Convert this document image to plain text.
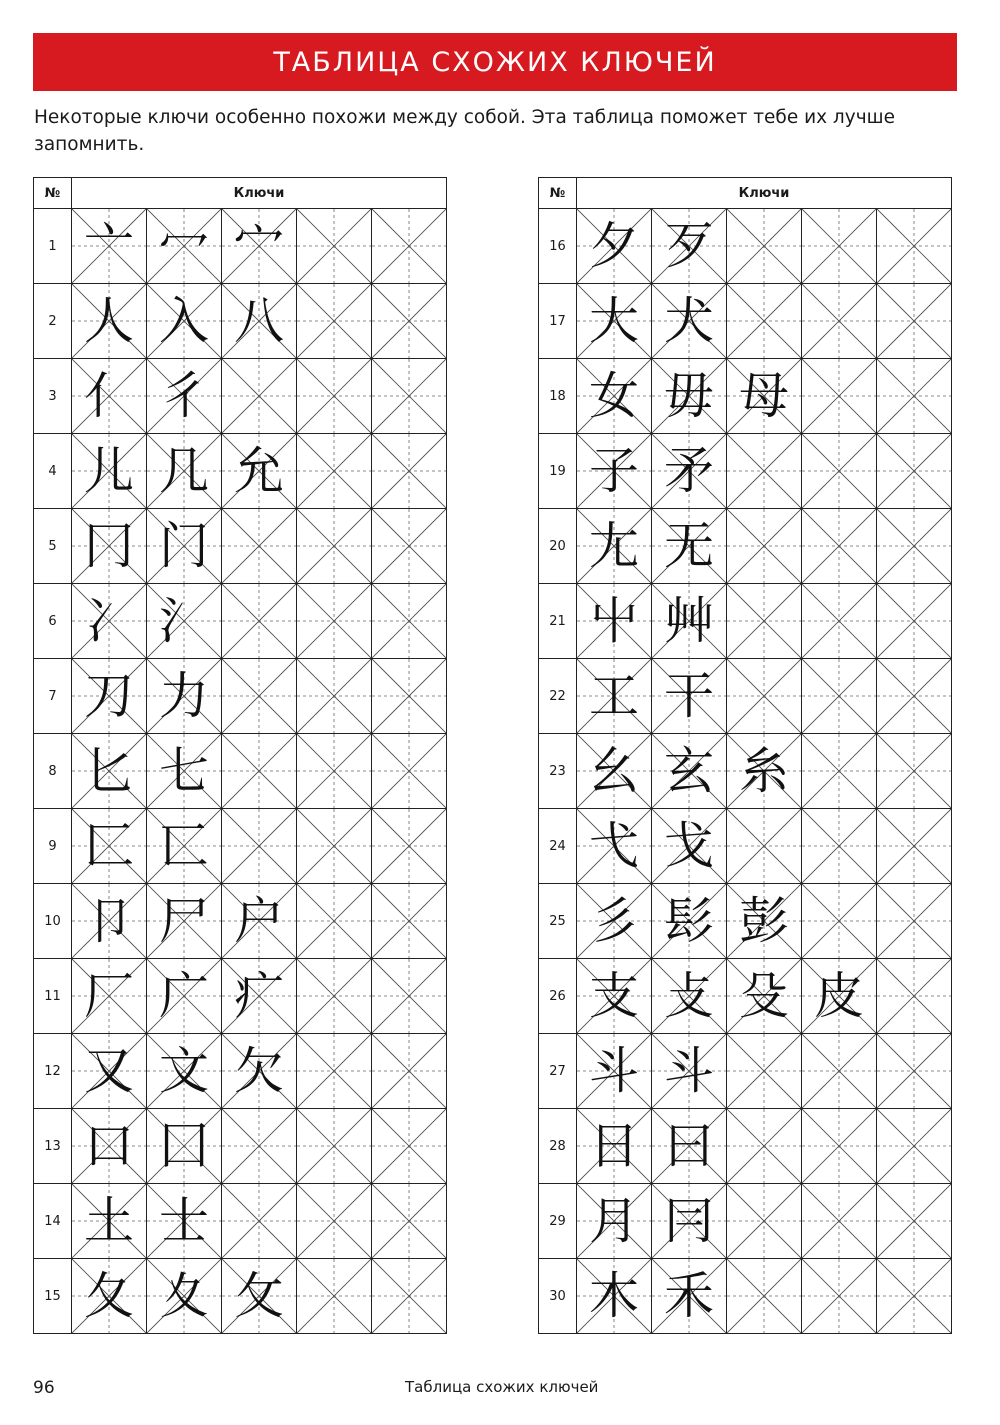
ТАБЛИЦА СХОЖИХ КЛЮЧЕЙ
Некоторые ключи особенно похожи между собой. Эта таблица поможет тебе их лучше запомнить.
№	Ключи				
1	亠	冖	宀

2	人	入	八

3	亻	彳

4	儿	几	允

5	冂	门

6	冫	氵

7	刀	力

8	匕	七

9	匚	匸

10	卩	尸	户

11	厂	广	疒

12	又	文	欠

13	口	囗

14	土	士

15	夂	夊	攵

№	Ключи				
16	夕	歹

17	大	犬

18	女	毋	母

19	子	矛

20	尢	无

21	屮	艸

22	工	干

23	幺	玄	糸

24	弋	戈

25	彡	髟	彭

26	支	攴	殳	皮

27	斗	斗

28	日	曰

29	月	冃

30	木	禾

96	Таблица схожих ключей
